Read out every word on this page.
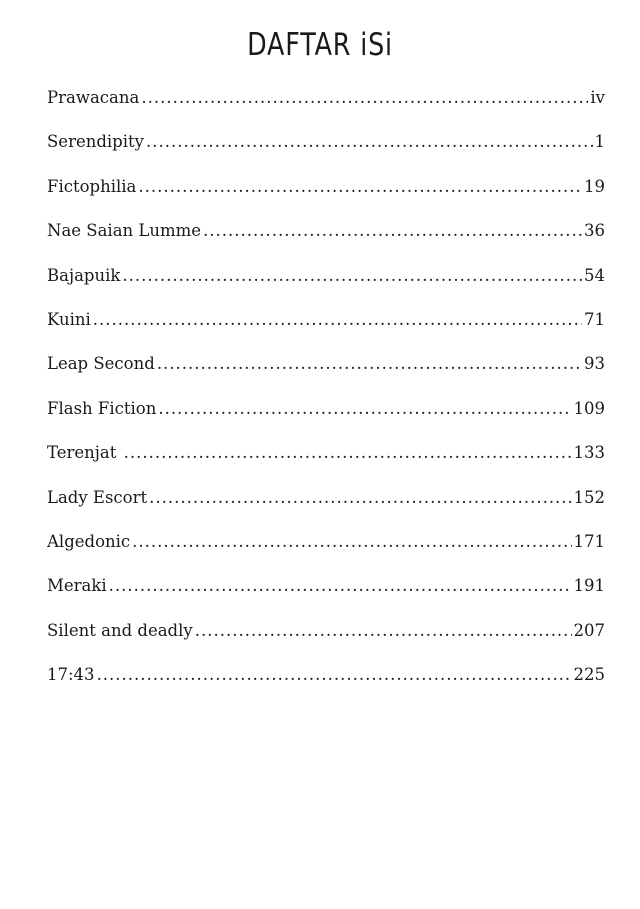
DAFTAR iSi
Prawacana .....	iv
Serendipity .....	1
Fictophilia .....	19
Nae Saian Lumme .....	36
Bajapuik .....	54
Kuini .....	71
Leap Second .....	93
Flash Fiction .....	109
Terenjat .....	133
Lady Escort .....	152
Algedonic .....	171
Meraki .....	191
Silent and deadly .....	207
17:43 .....	225
